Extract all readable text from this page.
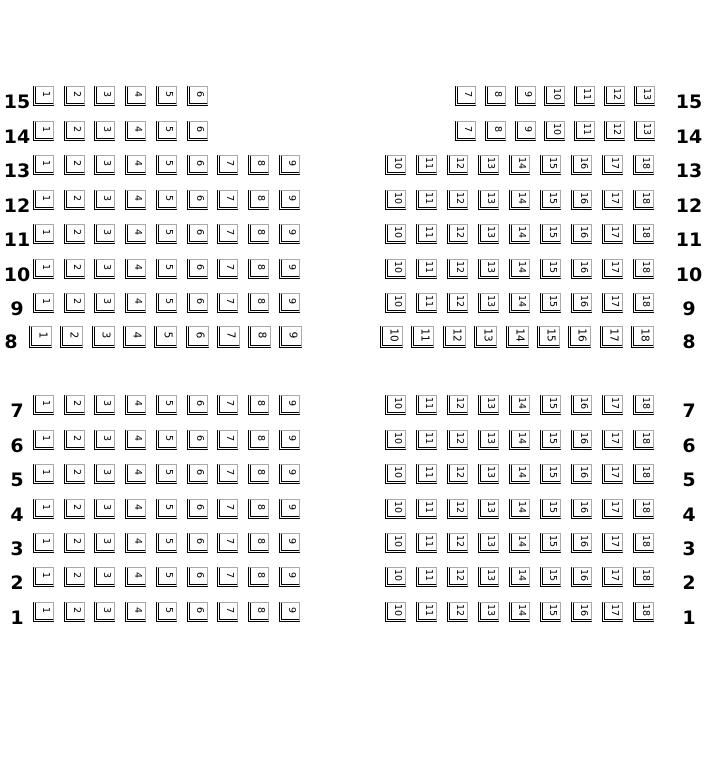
15 1 2 3 4 5 6	7 8 9 10 11 12 13 15
14 1 2 3 4 5 6	7 8 9 10 11 12 13 14
13 1 2 3 4 5 6 7 8 9	10 11 12 13 14 15 16 17 18 13
12 1 2 3 4 5 6 7 8 9	10 11 12 13 14 15 16 17 18 12
11 1 2 3 4 5 6 7 8 9	10 11 12 13 14 15 16 17 18 11
10 1 2 3 4 5 6 7 8 9	10 11 12 13 14 15 16 17 18 10
9	1 2 3 4 5 6 7 8 9	10 11 12 13 14 15 16 17 18	9
8	1 2 3 4 5 6 7 8 9	10 11 12 13 14 15 16 17 18	8
7	1 2 3 4 5 6 7 8 9	10 11 12 13 14 15 16 17 18	7
6	1 2 3 4 5 6 7 8 9	10 11 12 13 14 15 16 17 18	6
5	1 2 3 4 5 6 7 8 9	10 11 12 13 14 15 16 17 18	5
4	1 2 3 4 5 6 7 8 9	10 11 12 13 14 15 16 17 18	4
3	1 2 3 4 5 6 7 8 9	10 11 12 13 14 15 16 17 18	3
2	1 2 3 4 5 6 7 8 9	10 11 12 13 14 15 16 17 18	2
1	1 2 3 4 5 6 7 8 9	10 11 12 13 14 15 16 17 18	1
